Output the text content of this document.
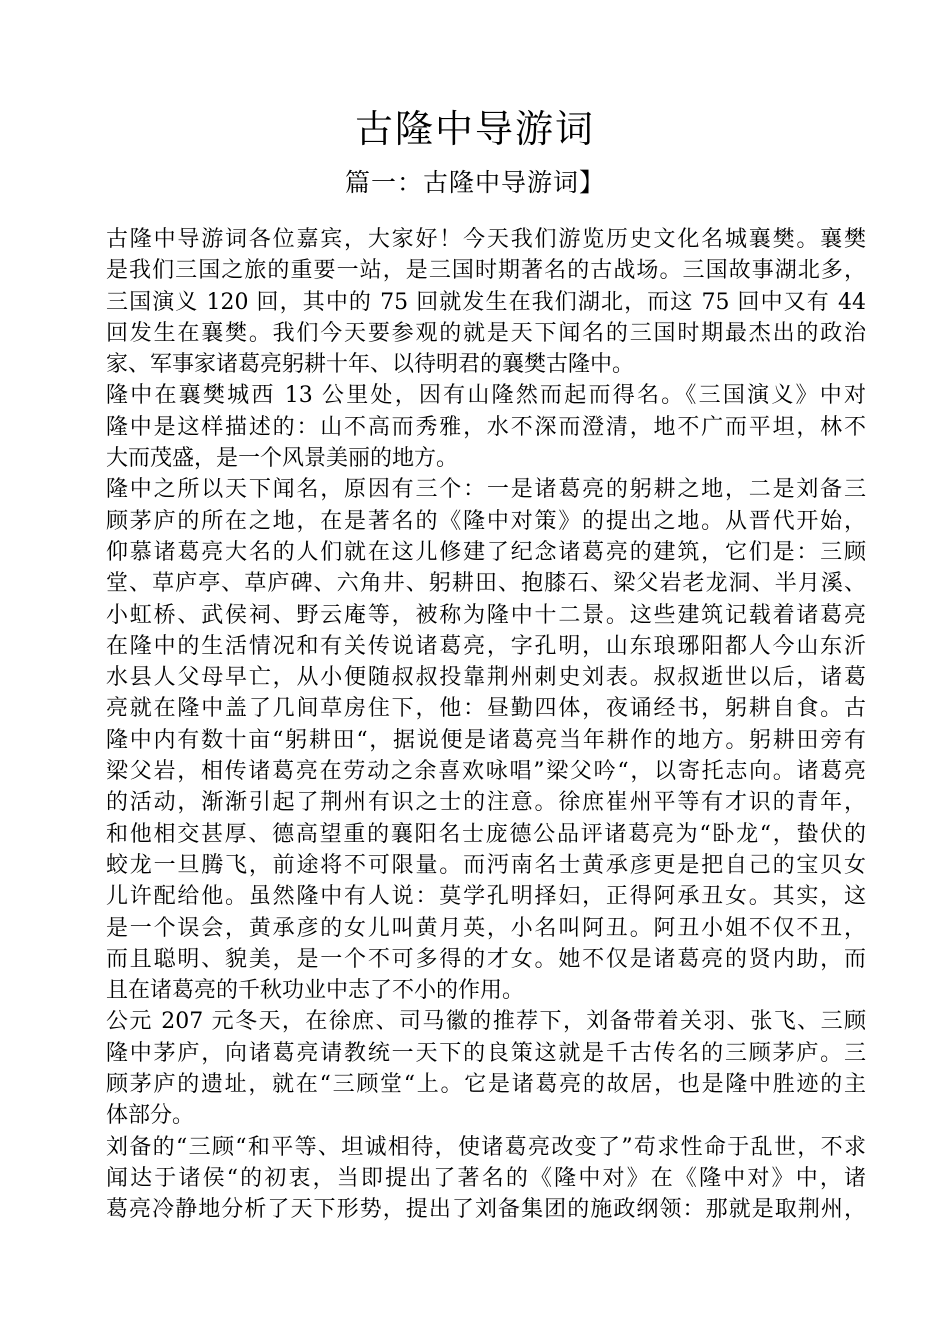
古隆中导游词
篇一：古隆中导游词】
古隆中导游词各位嘉宾，大家好！今天我们游览历史文化名城襄樊。襄樊
是我们三国之旅的重要一站，是三国时期著名的古战场。三国故事湖北多，
三国演义 120 回，其中的 75 回就发生在我们湖北，而这 75 回中又有 44
回发生在襄樊。我们今天要参观的就是天下闻名的三国时期最杰出的政治
家、军事家诸葛亮躬耕十年、以待明君的襄樊古隆中。
隆中在襄樊城西 13 公里处，因有山隆然而起而得名。《三国演义》中对
隆中是这样描述的：山不高而秀雅，水不深而澄清，地不广而平坦，林不
大而茂盛，是一个风景美丽的地方。
隆中之所以天下闻名，原因有三个：一是诸葛亮的躬耕之地，二是刘备三
顾茅庐的所在之地，在是著名的《隆中对策》的提出之地。从晋代开始，
仰慕诸葛亮大名的人们就在这儿修建了纪念诸葛亮的建筑，它们是：三顾
堂、草庐亭、草庐碑、六角井、躬耕田、抱膝石、梁父岩老龙洞、半月溪、
小虹桥、武侯祠、野云庵等，被称为隆中十二景。这些建筑记载着诸葛亮
在隆中的生活情况和有关传说诸葛亮，字孔明，山东琅琊阳都人今山东沂
水县人父母早亡，从小便随叔叔投靠荆州刺史刘表。叔叔逝世以后，诸葛
亮就在隆中盖了几间草房住下，他：昼勤四体，夜诵经书，躬耕自食。古
隆中内有数十亩“躬耕田“，据说便是诸葛亮当年耕作的地方。躬耕田旁有
梁父岩，相传诸葛亮在劳动之余喜欢咏唱”梁父吟“，以寄托志向。诸葛亮
的活动，渐渐引起了荆州有识之士的注意。徐庶崔州平等有才识的青年，
和他相交甚厚、德高望重的襄阳名士庞德公品评诸葛亮为“卧龙“，蛰伏的
蛟龙一旦腾飞，前途将不可限量。而沔南名士黄承彦更是把自己的宝贝女
儿许配给他。虽然隆中有人说：莫学孔明择妇，正得阿承丑女。其实，这
是一个误会，黄承彦的女儿叫黄月英，小名叫阿丑。阿丑小姐不仅不丑，
而且聪明、貌美，是一个不可多得的才女。她不仅是诸葛亮的贤内助，而
且在诸葛亮的千秋功业中志了不小的作用。
公元 207 元冬天，在徐庶、司马徽的推荐下，刘备带着关羽、张飞、三顾
隆中茅庐，向诸葛亮请教统一天下的良策这就是千古传名的三顾茅庐。三
顾茅庐的遗址，就在“三顾堂“上。它是诸葛亮的故居，也是隆中胜迹的主
体部分。
刘备的“三顾“和平等、坦诚相待，使诸葛亮改变了”苟求性命于乱世，不求
闻达于诸侯“的初衷，当即提出了著名的《隆中对》在《隆中对》中，诸
葛亮冷静地分析了天下形势，提出了刘备集团的施政纲领：那就是取荆州，
